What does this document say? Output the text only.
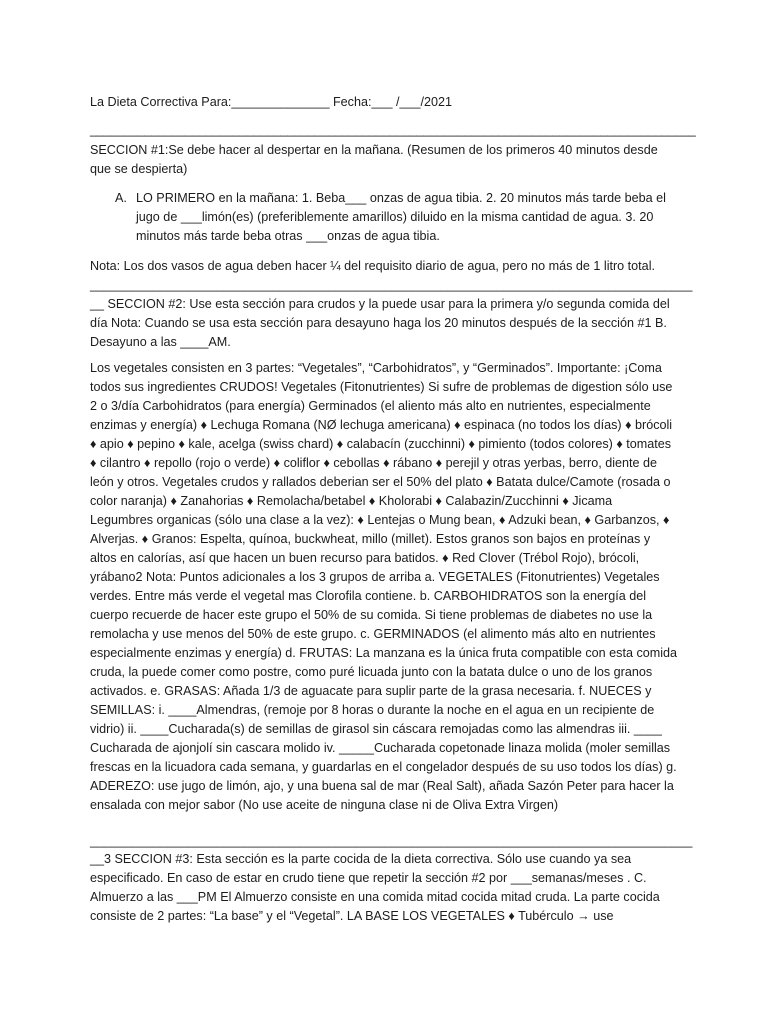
La Dieta Correctiva Para:______________ Fecha:___ /___/2021
_________________________________________________________________________________________

SECCION #1:Se debe hacer al despertar en la mañana. (Resumen de los primeros 40 minutos desde que se despierta)

A. LO PRIMERO en la mañana: 1. Beba___ onzas de agua tibia. 2. 20 minutos más tarde beba el jugo de ___limón(es) (preferiblemente amarillos) diluido en la misma cantidad de agua. 3. 20 minutos más tarde beba otras ___onzas de agua tibia.

Nota: Los dos vasos de agua deben hacer ¼ del requisito diario de agua, pero no más de 1 litro total.

______________________________________________________________________________________

__ SECCION #2: Use esta sección para crudos y la puede usar para la primera y/o segunda comida del día Nota: Cuando se usa esta sección para desayuno haga los 20 minutos después de la sección #1 B. Desayuno a las ____AM.

Los vegetales consisten en 3 partes: “Vegetales”, “Carbohidratos”, y “Germinados”. Importante: ¡Coma todos sus ingredientes CRUDOS! Vegetales (Fitonutrientes) Si sufre de problemas de digestion sólo use 2 o 3/día Carbohidratos (para energía) Germinados (el aliento más alto en nutrientes, especialmente enzimas y energía) ♦ Lechuga Romana (NØ lechuga americana) ♦ espinaca (no todos los días) ♦ brócoli ♦ apio ♦ pepino ♦ kale, acelga (swiss chard) ♦ calabacín (zucchinni) ♦ pimiento (todos colores) ♦ tomates ♦ cilantro ♦ repollo (rojo o verde) ♦ coliflor ♦ cebollas ♦ rábano ♦ perejil y otras yerbas, berro, diente de león y otros. Vegetales crudos y rallados deberian ser el 50% del plato ♦ Batata dulce/Camote (rosada o color naranja) ♦ Zanahorias ♦ Remolacha/betabel ♦ Kholorabi ♦ Calabazin/Zucchinni ♦ Jicama Legumbres organicas (sólo una clase a la vez): ♦ Lentejas o Mung bean, ♦ Adzuki bean, ♦ Garbanzos, ♦ Alverjas. ♦ Granos: Espelta, quínoa, buckwheat, millo (millet). Estos granos son bajos en proteínas y altos en calorías, así que hacen un buen recurso para batidos. ♦ Red Clover (Trébol Rojo), brócoli, yrábano2 Nota: Puntos adicionales a los 3 grupos de arriba a. VEGETALES (Fitonutrientes) Vegetales verdes. Entre más verde el vegetal mas Clorofila contiene. b. CARBOHIDRATOS son la energía del cuerpo recuerde de hacer este grupo el 50% de su comida. Si tiene problemas de diabetes no use la remolacha y use menos del 50% de este grupo. c. GERMINADOS (el alimento más alto en nutrientes especialmente enzimas y energía) d. FRUTAS: La manzana es la única fruta compatible con esta comida cruda, la puede comer como postre, como puré licuada junto con la batata dulce o uno de los granos activados. e. GRASAS: Añada 1/3 de aguacate para suplir parte de la grasa necesaria. f. NUECES y SEMILLAS: i. ____Almendras, (remoje por 8 horas o durante la noche en el agua en un recipiente de vidrio) ii. ____Cucharada(s) de semillas de girasol sin cáscara remojadas como las almendras iii. ____ Cucharada de ajonjolí sin cascara molido iv. _____Cucharada copetonade linaza molida (moler semillas frescas en la licuadora cada semana, y guardarlas en el congelador después de su uso todos los días) g. ADEREZO: use jugo de limón, ajo, y una buena sal de mar (Real Salt), añada Sazón Peter para hacer la ensalada con mejor sabor (No use aceite de ninguna clase ni de Oliva Extra Virgen)

______________________________________________________________________________________

__3 SECCION #3: Esta sección es la parte cocida de la dieta correctiva. Sólo use cuando ya sea especificado. En caso de estar en crudo tiene que repetir la sección #2 por ___semanas/meses . C. Almuerzo a las ___PM El Almuerzo consiste en una comida mitad cocida mitad cruda. La parte cocida consiste de 2 partes: “La base” y el “Vegetal”. LA BASE LOS VEGETALES ♦ Tubérculo → use
